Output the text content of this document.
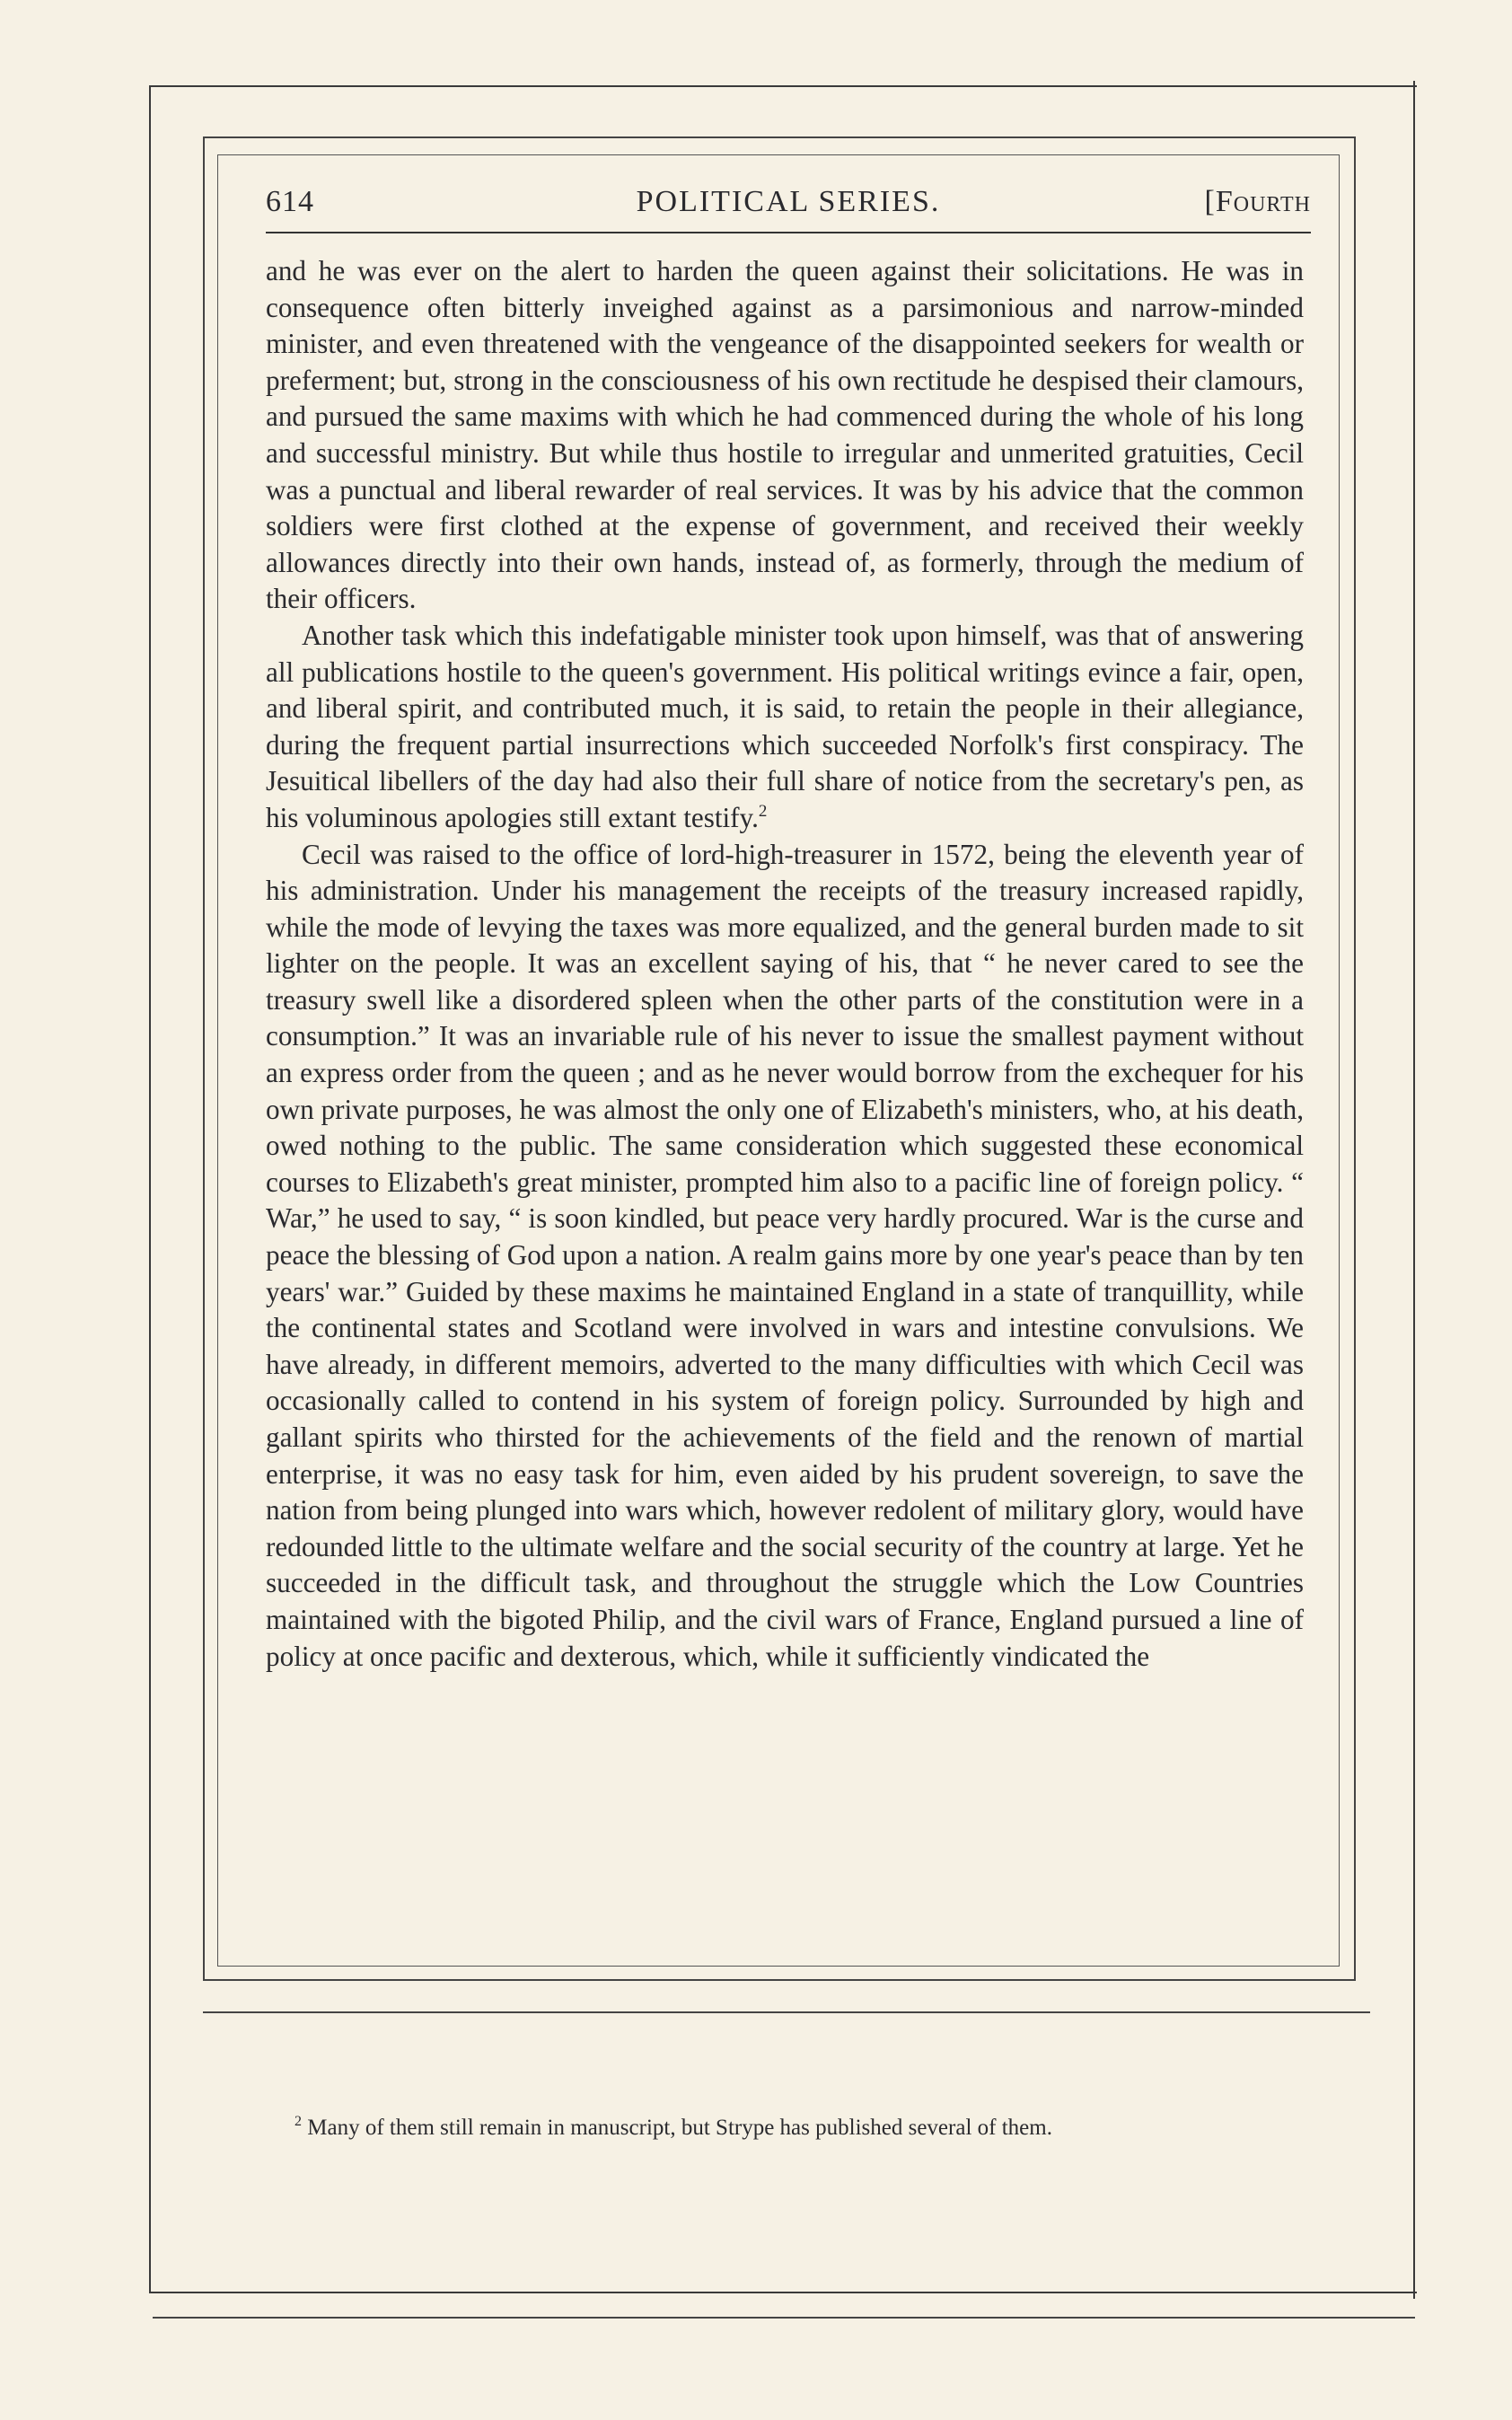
614	POLITICAL SERIES.	[Fourth

and he was ever on the alert to harden the queen against their solicitations. He was in consequence often bitterly inveighed against as a parsimonious and narrow-minded minister, and even threatened with the vengeance of the disappointed seekers for wealth or preferment; but, strong in the consciousness of his own rectitude he despised their clamours, and pursued the same maxims with which he had commenced during the whole of his long and successful ministry. But while thus hostile to irregular and unmerited gratuities, Cecil was a punctual and liberal rewarder of real services. It was by his advice that the common soldiers were first clothed at the expense of government, and received their weekly allowances directly into their own hands, instead of, as formerly, through the medium of their officers.

Another task which this indefatigable minister took upon himself, was that of answering all publications hostile to the queen's government. His political writings evince a fair, open, and liberal spirit, and contributed much, it is said, to retain the people in their allegiance, during the frequent partial insurrections which succeeded Norfolk's first conspiracy. The Jesuitical libellers of the day had also their full share of notice from the secretary's pen, as his voluminous apologies still extant testify.$^2$

Cecil was raised to the office of lord-high-treasurer in 1572, being the eleventh year of his administration. Under his management the receipts of the treasury increased rapidly, while the mode of levying the taxes was more equalized, and the general burden made to sit lighter on the people. It was an excellent saying of his, that “ he never cared to see the treasury swell like a disordered spleen when the other parts of the constitution were in a consumption.” It was an invariable rule of his never to issue the smallest payment without an express order from the queen ; and as he never would borrow from the exchequer for his own private purposes, he was almost the only one of Elizabeth's ministers, who, at his death, owed nothing to the public. The same consideration which suggested these economical courses to Elizabeth's great minister, prompted him also to a pacific line of foreign policy. “ War,” he used to say, “ is soon kindled, but peace very hardly procured. War is the curse and peace the blessing of God upon a nation. A realm gains more by one year's peace than by ten years' war.” Guided by these maxims he maintained England in a state of tranquillity, while the continental states and Scotland were involved in wars and intestine convulsions. We have already, in different memoirs, adverted to the many difficulties with which Cecil was occasionally called to contend in his system of foreign policy. Surrounded by high and gallant spirits who thirsted for the achievements of the field and the renown of martial enterprise, it was no easy task for him, even aided by his prudent sovereign, to save the nation from being plunged into wars which, however redolent of military glory, would have redounded little to the ultimate welfare and the social security of the country at large. Yet he succeeded in the difficult task, and throughout the struggle which the Low Countries maintained with the bigoted Philip, and the civil wars of France, England pursued a line of policy at once pacific and dexterous, which, while it sufficiently vindicated the

$^2$ Many of them still remain in manuscript, but Strype has published several of them.
